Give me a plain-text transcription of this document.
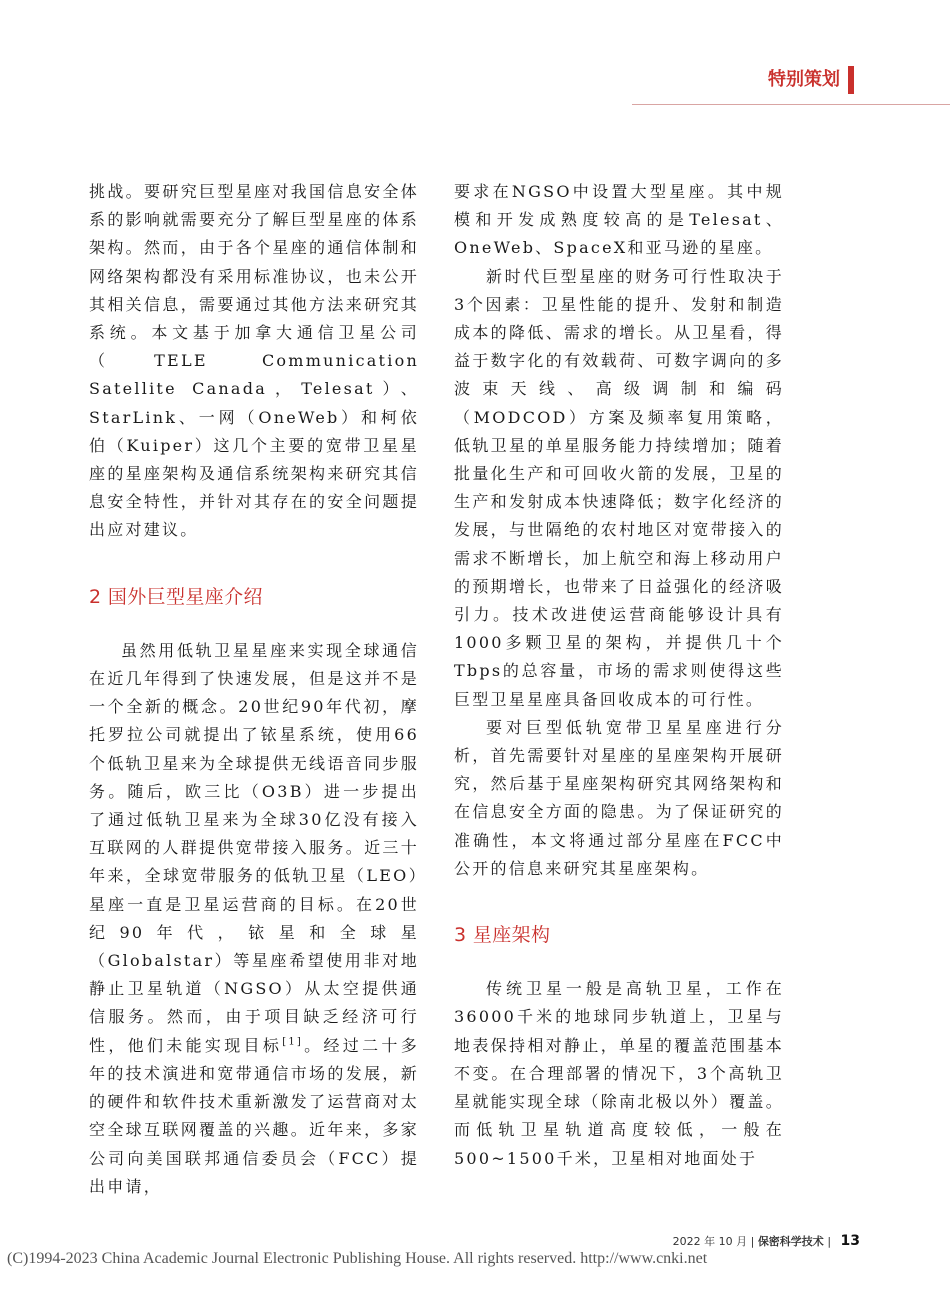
特别策划

挑战。要研究巨型星座对我国信息安全体系的影响就需要充分了解巨型星座的体系架构。然而，由于各个星座的通信体制和网络架构都没有采用标准协议，也未公开其相关信息，需要通过其他方法来研究其系统。本文基于加拿大通信卫星公司（TELE Communication Satellite Canada，Telesat）、StarLink、一网（OneWeb）和柯依伯（Kuiper）这几个主要的宽带卫星星座的星座架构及通信系统架构来研究其信息安全特性，并针对其存在的安全问题提出应对建议。

2 国外巨型星座介绍

虽然用低轨卫星星座来实现全球通信在近几年得到了快速发展，但是这并不是一个全新的概念。20世纪90年代初，摩托罗拉公司就提出了铱星系统，使用66个低轨卫星来为全球提供无线语音同步服务。随后，欧三比（O3B）进一步提出了通过低轨卫星来为全球30亿没有接入互联网的人群提供宽带接入服务。近三十年来，全球宽带服务的低轨卫星（LEO）星座一直是卫星运营商的目标。在20世纪90年代，铱星和全球星（Globalstar）等星座希望使用非对地静止卫星轨道（NGSO）从太空提供通信服务。然而，由于项目缺乏经济可行性，他们未能实现目标[1]。经过二十多年的技术演进和宽带通信市场的发展，新的硬件和软件技术重新激发了运营商对太空全球互联网覆盖的兴趣。近年来，多家公司向美国联邦通信委员会（FCC）提出申请，

要求在NGSO中设置大型星座。其中规模和开发成熟度较高的是Telesat、OneWeb、SpaceX和亚马逊的星座。

新时代巨型星座的财务可行性取决于3个因素：卫星性能的提升、发射和制造成本的降低、需求的增长。从卫星看，得益于数字化的有效载荷、可数字调向的多波束天线、高级调制和编码（MODCOD）方案及频率复用策略，低轨卫星的单星服务能力持续增加；随着批量化生产和可回收火箭的发展，卫星的生产和发射成本快速降低；数字化经济的发展，与世隔绝的农村地区对宽带接入的需求不断增长，加上航空和海上移动用户的预期增长，也带来了日益强化的经济吸引力。技术改进使运营商能够设计具有1000多颗卫星的架构，并提供几十个Tbps的总容量，市场的需求则使得这些巨型卫星星座具备回收成本的可行性。

要对巨型低轨宽带卫星星座进行分析，首先需要针对星座的星座架构开展研究，然后基于星座架构研究其网络架构和在信息安全方面的隐患。为了保证研究的准确性，本文将通过部分星座在FCC中公开的信息来研究其星座架构。

3 星座架构

传统卫星一般是高轨卫星，工作在36000千米的地球同步轨道上，卫星与地表保持相对静止，单星的覆盖范围基本不变。在合理部署的情况下，3个高轨卫星就能实现全球（除南北极以外）覆盖。而低轨卫星轨道高度较低，一般在500~1500千米，卫星相对地面处于

2022 年 10 月 | 保密科学技术 | 13
(C)1994-2023 China Academic Journal Electronic Publishing House. All rights reserved. http://www.cnki.net
